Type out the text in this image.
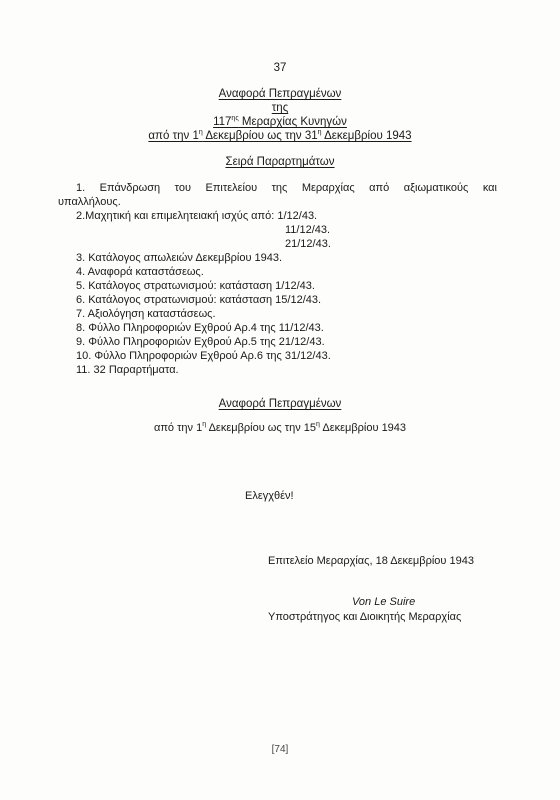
37
Αναφορά Πεπραγμένων
της
$117^{\eta\varsigma}$ Μεραρχίας Κυνηγών
από την $1^\eta$ Δεκεμβρίου ως την $31^\eta$ Δεκεμβρίου 1943
Σειρά Παραρτημάτων
1. Επάνδρωση του Επιτελείου της Μεραρχίας από αξιωματικούς και
υπαλλήλους.
2.Μαχητική και επιμελητειακή ισχύς από: 1/12/43.
11/12/43.
21/12/43.
3. Κατάλογος απωλειών Δεκεμβρίου 1943.
4. Αναφορά καταστάσεως.
5. Κατάλογος στρατωνισμού: κατάσταση 1/12/43.
6. Κατάλογος στρατωνισμού: κατάσταση 15/12/43.
7. Αξιολόγηση καταστάσεως.
8. Φύλλο Πληροφοριών Εχθρού Αρ.4 της 11/12/43.
9. Φύλλο Πληροφοριών Εχθρού Αρ.5 της 21/12/43.
10. Φύλλο Πληροφοριών Εχθρού Αρ.6 της 31/12/43.
11. 32 Παραρτήματα.
Αναφορά Πεπραγμένων
από την $1^\eta$ Δεκεμβρίου ως την $15^\eta$ Δεκεμβρίου 1943
Ελεγχθέν!
Επιτελείο Μεραρχίας, 18 Δεκεμβρίου 1943
Von Le Suire
Υποστράτηγος και Διοικητής Μεραρχίας
[74]
